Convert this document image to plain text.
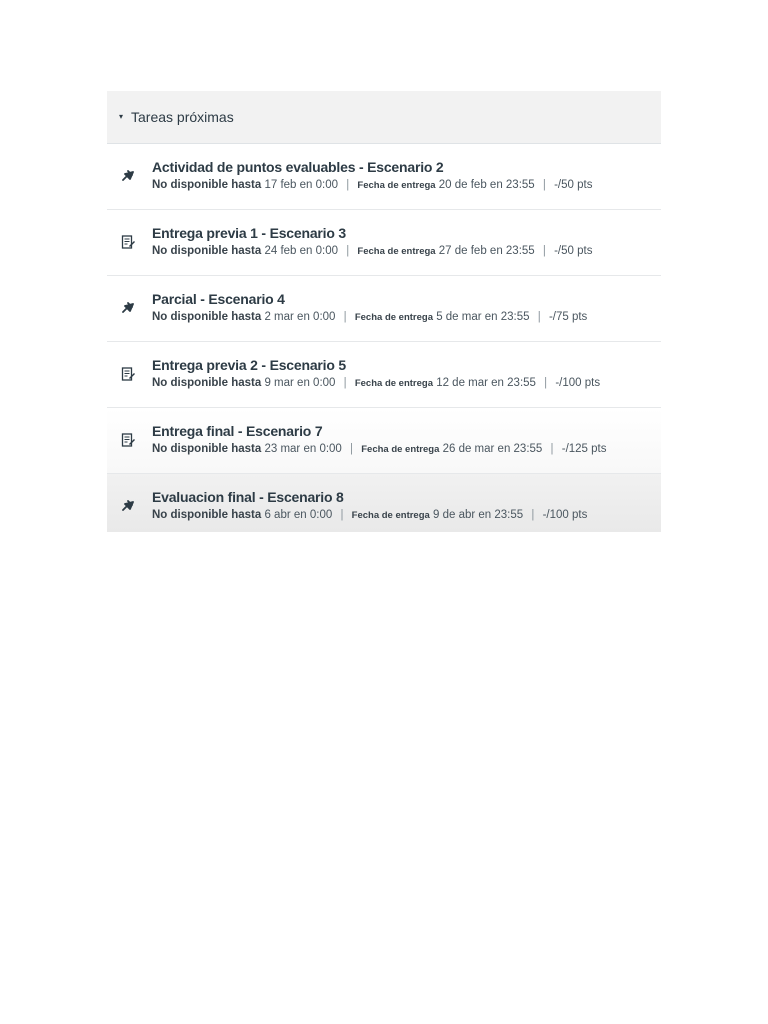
▾ Tareas próximas
Actividad de puntos evaluables - Escenario 2
No disponible hasta 17 feb en 0:00 | Fecha de entrega 20 de feb en 23:55 | -/50 pts
Entrega previa 1 - Escenario 3
No disponible hasta 24 feb en 0:00 | Fecha de entrega 27 de feb en 23:55 | -/50 pts
Parcial - Escenario 4
No disponible hasta 2 mar en 0:00 | Fecha de entrega 5 de mar en 23:55 | -/75 pts
Entrega previa 2 - Escenario 5
No disponible hasta 9 mar en 0:00 | Fecha de entrega 12 de mar en 23:55 | -/100 pts
Entrega final - Escenario 7
No disponible hasta 23 mar en 0:00 | Fecha de entrega 26 de mar en 23:55 | -/125 pts
Evaluacion final - Escenario 8
No disponible hasta 6 abr en 0:00 | Fecha de entrega 9 de abr en 23:55 | -/100 pts
